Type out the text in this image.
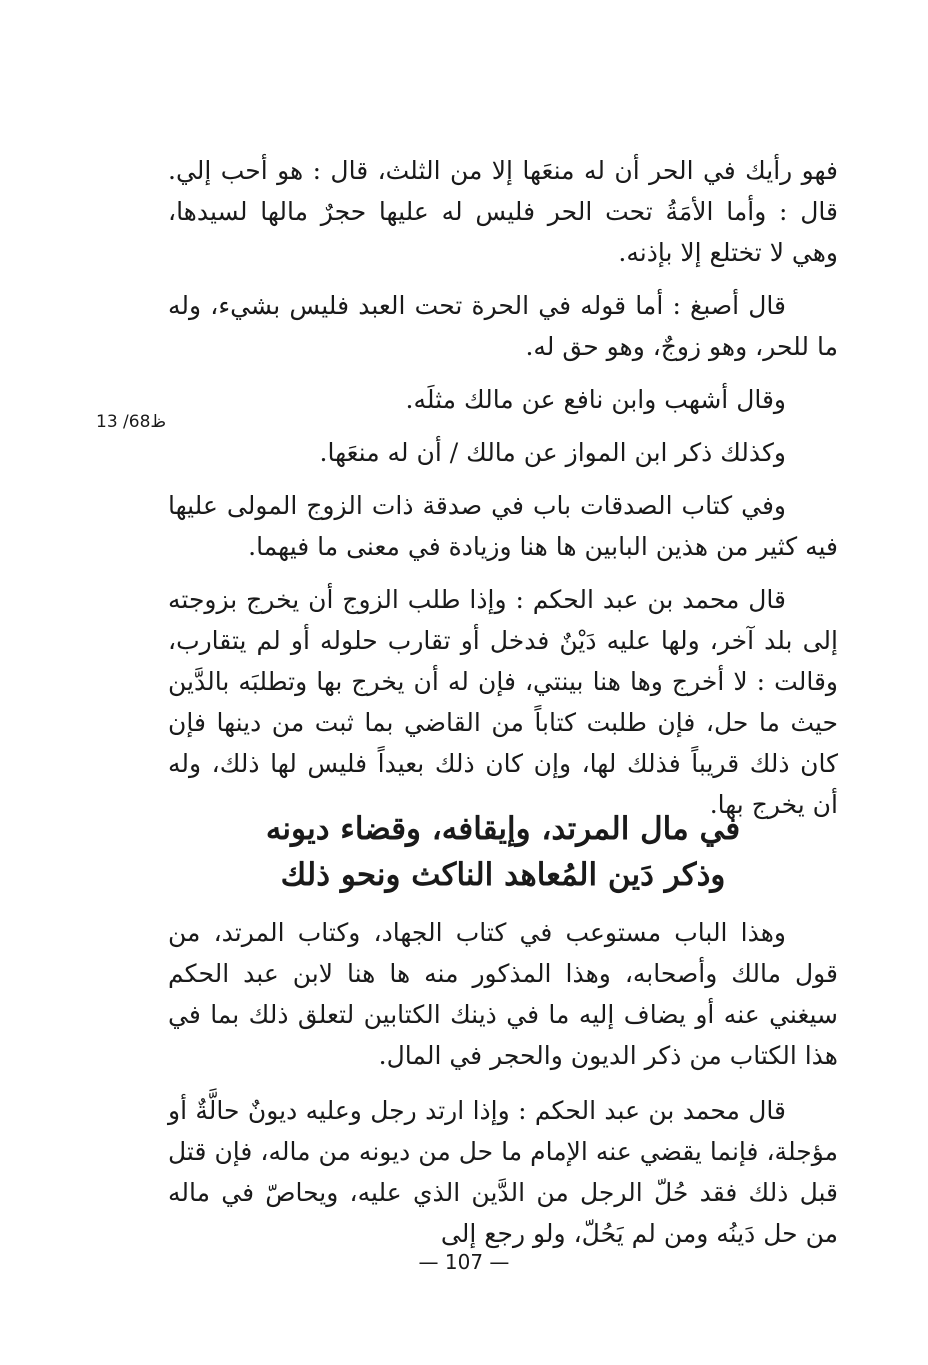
13 /68ظ

فهو رأيك في الحر أن له منعَها إلا من الثلث، قال : هو أحب إلي. قال : وأما الأمَةُ تحت الحر فليس له عليها حجرٌ مالها لسيدها، وهي لا تختلع إلا بإذنه.

قال أصبغ : أما قوله في الحرة تحت العبد فليس بشيء، وله ما للحر، وهو زوجٌ، وهو حق له.

وقال أشهب وابن نافع عن مالك مثلَه.

وكذلك ذكر ابن المواز عن مالك / أن له منعَها.

وفي كتاب الصدقات باب في صدقة ذات الزوج المولى عليها فيه كثير من هذين البابين ها هنا وزيادة في معنى ما فيهما.

قال محمد بن عبد الحكم : وإذا طلب الزوج أن يخرج بزوجته إلى بلد آخر، ولها عليه دَيْنٌ فدخل أو تقارب حلوله أو لم يتقارب، وقالت : لا أخرج وها هنا بينتي، فإن له أن يخرج بها وتطلبَه بالدَّين حيث ما حل، فإن طلبت كتاباً من القاضي بما ثبت من دينها فإن كان ذلك قريباً فذلك لها، وإن كان ذلك بعيداً فليس لها ذلك، وله أن يخرج بها.

في مال المرتد، وإيقافه، وقضاء ديونه
وذكر دَين المُعاهد الناكث ونحو ذلك

وهذا الباب مستوعب في كتاب الجهاد، وكتاب المرتد، من قول مالك وأصحابه، وهذا المذكور منه ها هنا لابن عبد الحكم سيغني عنه أو يضاف إليه ما في ذينك الكتابين لتعلق ذلك بما في هذا الكتاب من ذكر الديون والحجر في المال.

قال محمد بن عبد الحكم : وإذا ارتد رجل وعليه ديونٌ حالَّةٌ أو مؤجلة، فإنما يقضي عنه الإمام ما حل من ديونه من ماله، فإن قتل قبل ذلك فقد حُلّ الرجل من الدَّين الذي عليه، ويحاصّ في ماله من حل دَينُه ومن لم يَحُلّ، ولو رجع إلى

— 107 —
